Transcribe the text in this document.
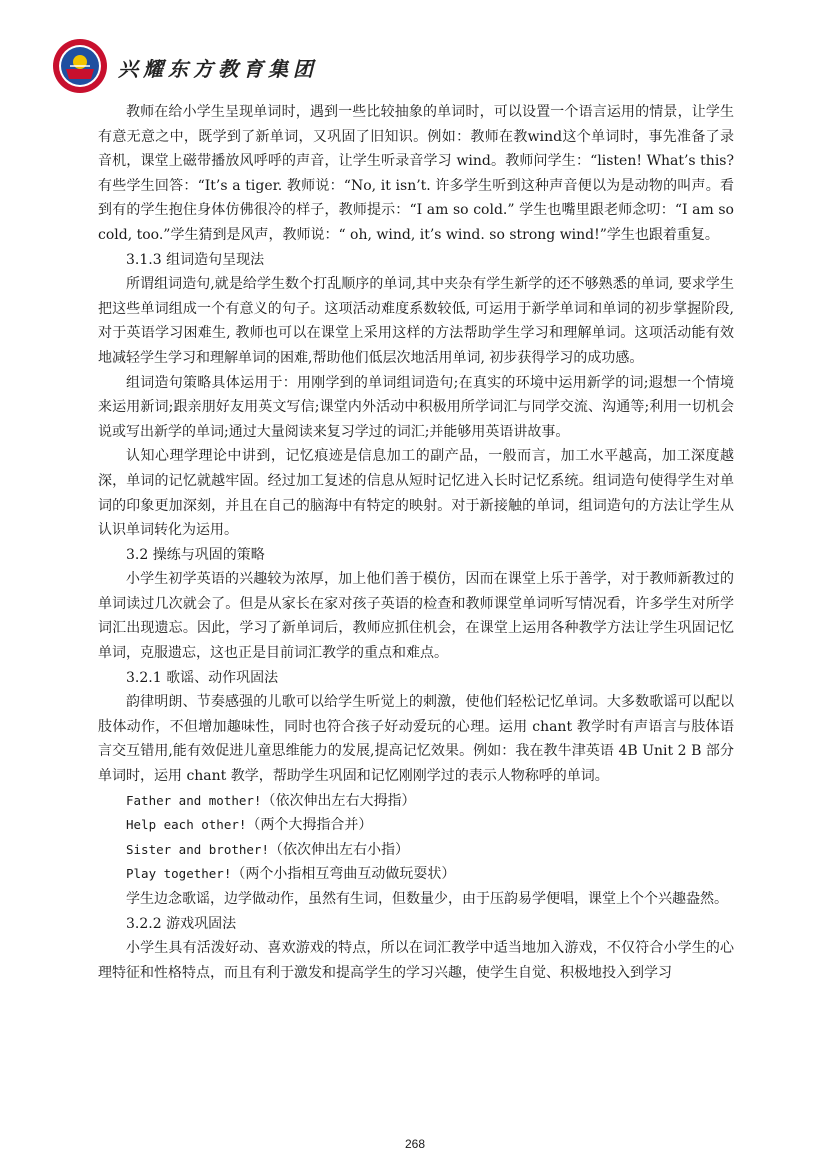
兴耀东方教育集团

教师在给小学生呈现单词时，遇到一些比较抽象的单词时，可以设置一个语言运用的情景，让学生有意无意之中，既学到了新单词，又巩固了旧知识。例如：教师在教wind这个单词时，事先准备了录音机，课堂上磁带播放风呼呼的声音，让学生听录音学习 wind。教师问学生：“listen! What’s this?有些学生回答：“It’s a tiger. 教师说：“No, it isn’t. 许多学生听到这种声音便以为是动物的叫声。看到有的学生抱住身体仿佛很冷的样子，教师提示：“I am so cold.” 学生也嘴里跟老师念叨：“I am so cold, too.”学生猜到是风声，教师说：“ oh, wind, it’s wind. so strong wind!”学生也跟着重复。

3.1.3 组词造句呈现法

所谓组词造句,就是给学生数个打乱顺序的单词,其中夹杂有学生新学的还不够熟悉的单词, 要求学生把这些单词组成一个有意义的句子。这项活动难度系数较低, 可运用于新学单词和单词的初步掌握阶段,对于英语学习困难生, 教师也可以在课堂上采用这样的方法帮助学生学习和理解单词。这项活动能有效地减轻学生学习和理解单词的困难,帮助他们低层次地活用单词, 初步获得学习的成功感。

组词造句策略具体运用于：用刚学到的单词组词造句;在真实的环境中运用新学的词;遐想一个情境来运用新词;跟亲朋好友用英文写信;课堂内外活动中积极用所学词汇与同学交流、沟通等;利用一切机会说或写出新学的单词;通过大量阅读来复习学过的词汇;并能够用英语讲故事。

认知心理学理论中讲到，记忆痕迹是信息加工的副产品，一般而言，加工水平越高，加工深度越深，单词的记忆就越牢固。经过加工复述的信息从短时记忆进入长时记忆系统。组词造句使得学生对单词的印象更加深刻，并且在自己的脑海中有特定的映射。对于新接触的单词，组词造句的方法让学生从认识单词转化为运用。

3.2 操练与巩固的策略

小学生初学英语的兴趣较为浓厚，加上他们善于模仿，因而在课堂上乐于善学，对于教师新教过的单词读过几次就会了。但是从家长在家对孩子英语的检查和教师课堂单词听写情况看，许多学生对所学词汇出现遗忘。因此，学习了新单词后，教师应抓住机会，在课堂上运用各种教学方法让学生巩固记忆单词，克服遗忘，这也正是目前词汇教学的重点和难点。

3.2.1 歌谣、动作巩固法

韵律明朗、节奏感强的儿歌可以给学生听觉上的刺激，使他们轻松记忆单词。大多数歌谣可以配以肢体动作，不但增加趣味性，同时也符合孩子好动爱玩的心理。运用 chant 教学时有声语言与肢体语言交互错用,能有效促进儿童思维能力的发展,提高记忆效果。例如：我在教牛津英语 4B Unit 2 B 部分单词时，运用 chant 教学，帮助学生巩固和记忆刚刚学过的表示人物称呼的单词。

Father and mother!（依次伸出左右大拇指）

Help each other!（两个大拇指合并）

Sister and brother!（依次伸出左右小指）

Play together!（两个小指相互弯曲互动做玩耍状）

学生边念歌谣，边学做动作，虽然有生词，但数量少，由于压韵易学便唱，课堂上个个兴趣盎然。

3.2.2 游戏巩固法

小学生具有活泼好动、喜欢游戏的特点，所以在词汇教学中适当地加入游戏，不仅符合小学生的心理特征和性格特点，而且有利于激发和提高学生的学习兴趣，使学生自觉、积极地投入到学习

268
